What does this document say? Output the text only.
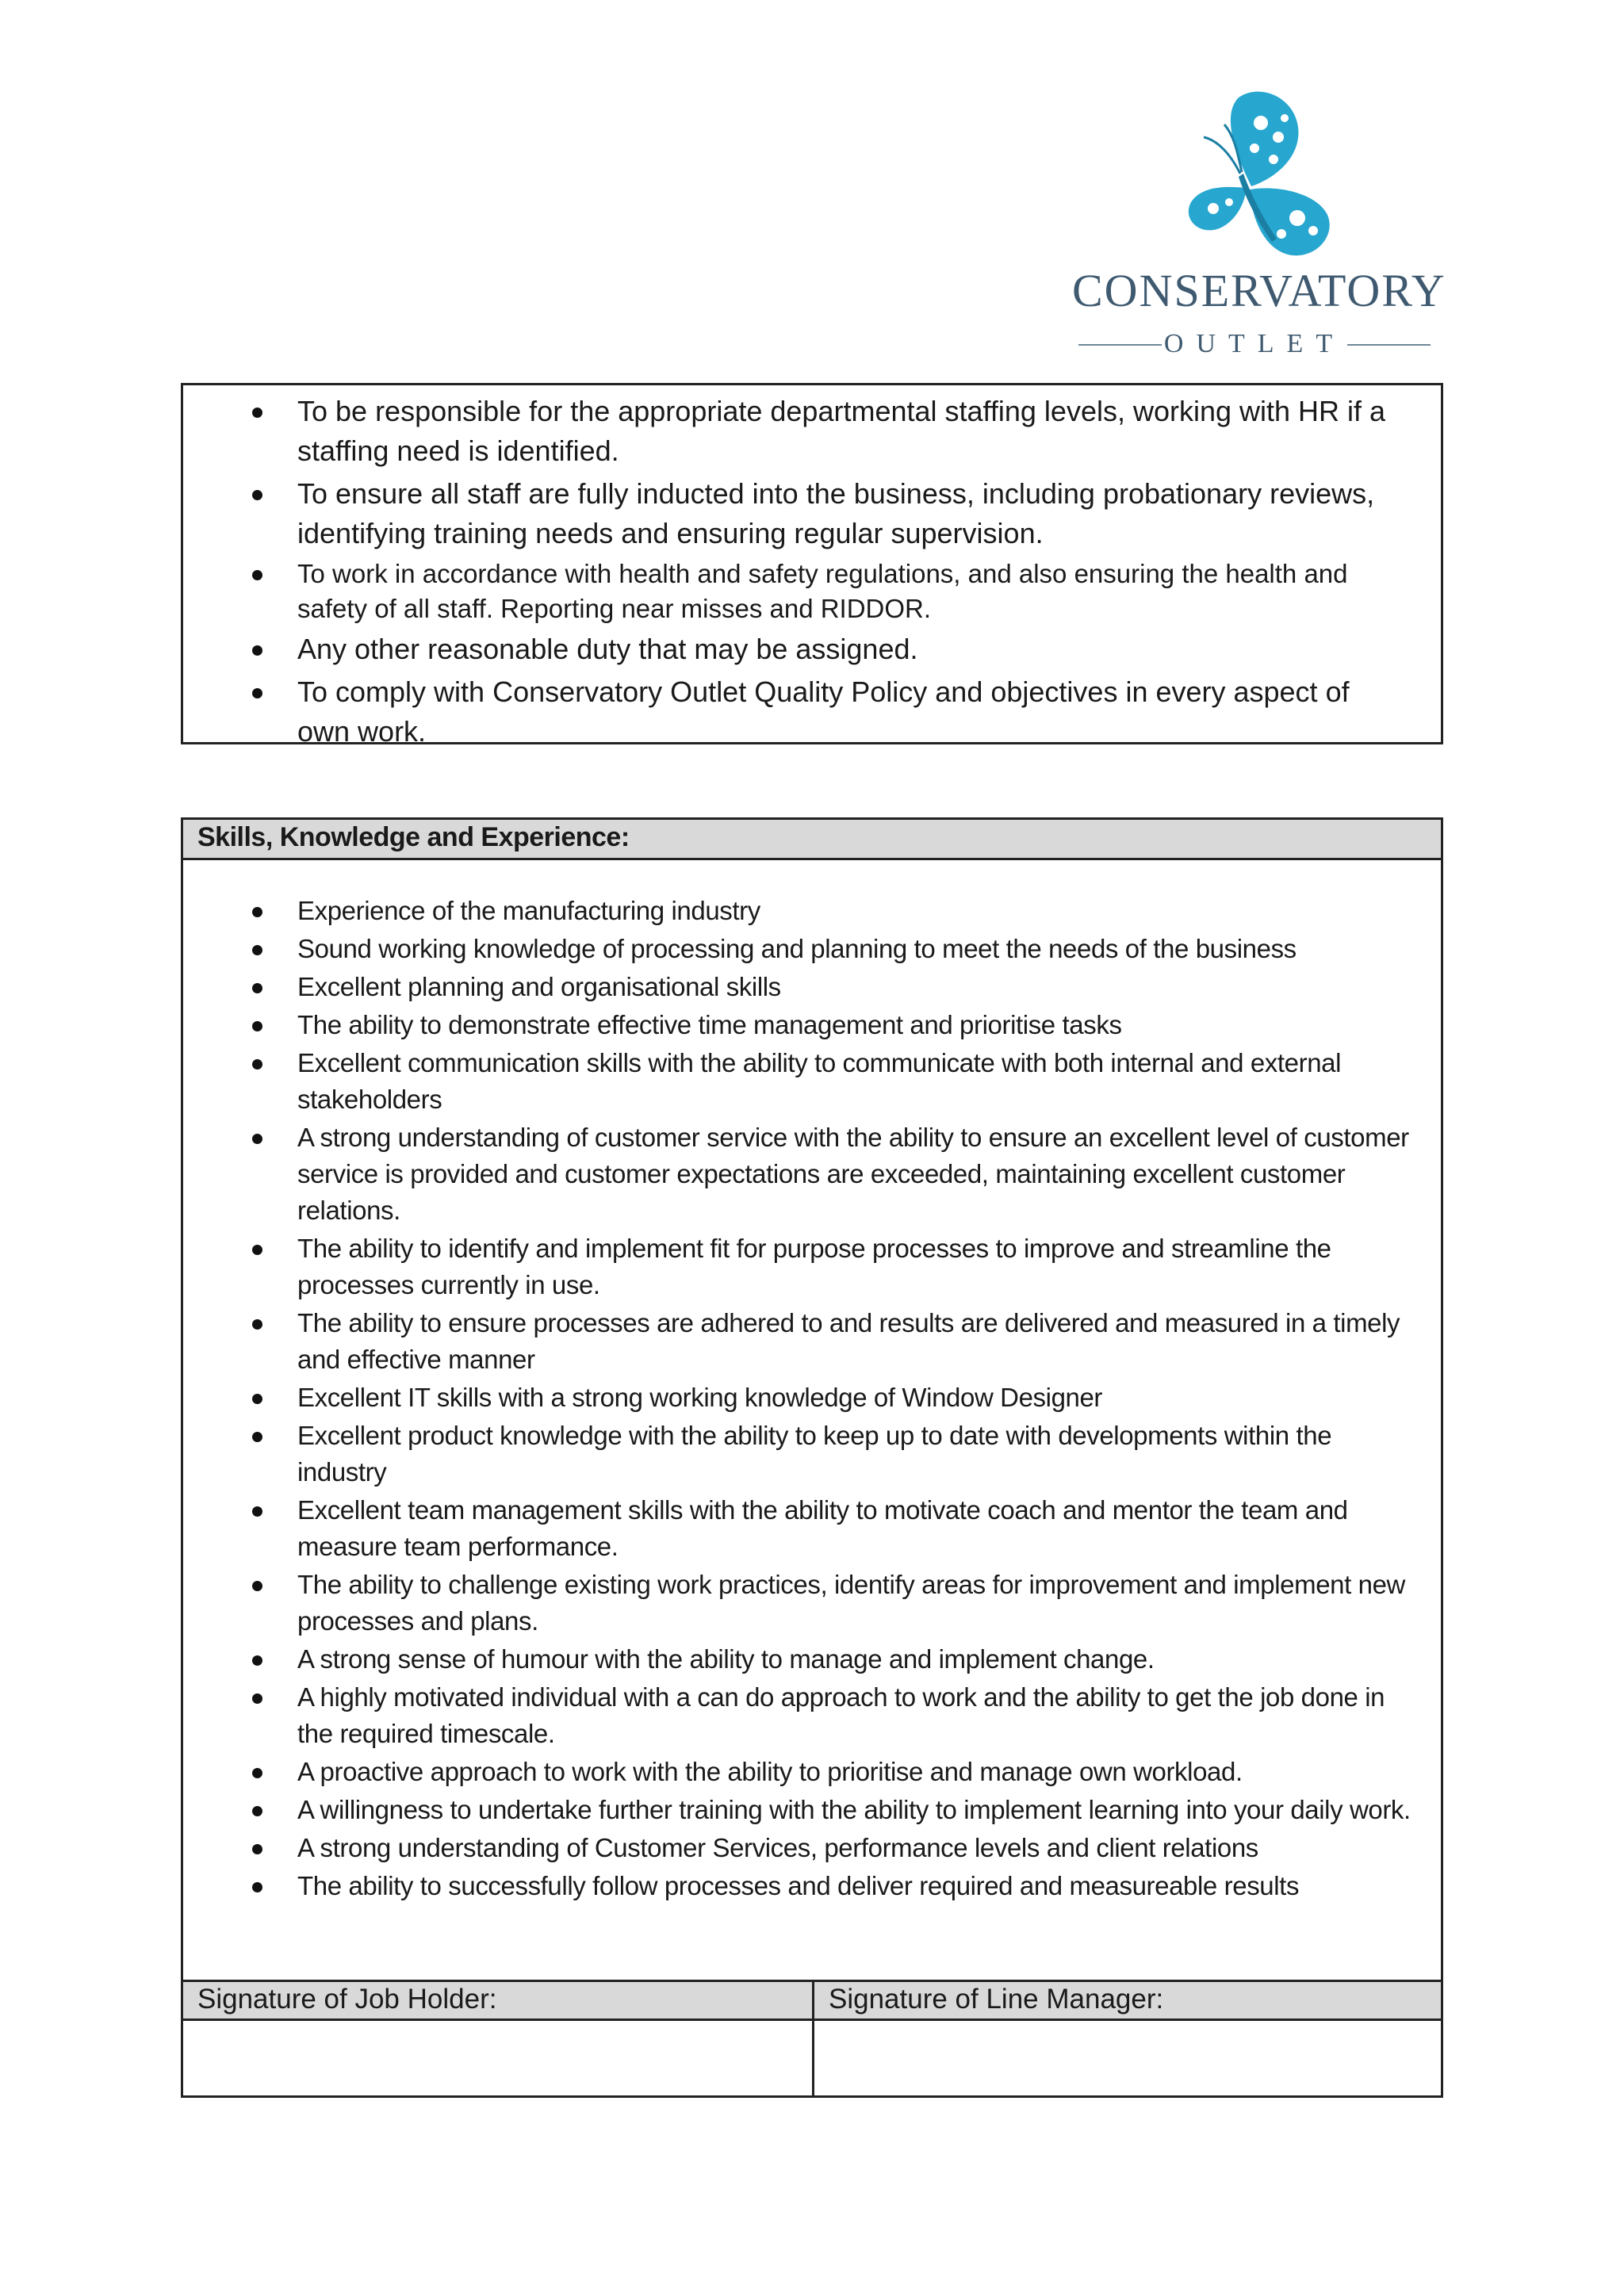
CONSERVATORY
OUTLET
To be responsible for the appropriate departmental staffing levels, working with HR if a staffing need is identified.
To ensure all staff are fully inducted into the business, including probationary reviews, identifying training needs and ensuring regular supervision.
To work in accordance with health and safety regulations, and also ensuring the health and safety of all staff. Reporting near misses and RIDDOR.
Any other reasonable duty that may be assigned.
To comply with Conservatory Outlet Quality Policy and objectives in every aspect of own work.
Skills, Knowledge and Experience:
Experience of the manufacturing industry
Sound working knowledge of processing and planning to meet the needs of the business
Excellent planning and organisational skills
The ability to demonstrate effective time management and prioritise tasks
Excellent communication skills with the ability to communicate with both internal and external stakeholders
A strong understanding of customer service with the ability to ensure an excellent level of customer service is provided and customer expectations are exceeded, maintaining excellent customer relations.
The ability to identify and implement fit for purpose processes to improve and streamline the processes currently in use.
The ability to ensure processes are adhered to and results are delivered and measured in a timely and effective manner
Excellent IT skills with a strong working knowledge of Window Designer
Excellent product knowledge with the ability to keep up to date with developments within the industry
Excellent team management skills with the ability to motivate coach and mentor the team and measure team performance.
The ability to challenge existing work practices, identify areas for improvement and implement new processes and plans.
A strong sense of humour with the ability to manage and implement change.
A highly motivated individual with a can do approach to work and the ability to get the job done in the required timescale.
A proactive approach to work with the ability to prioritise and manage own workload.
A willingness to undertake further training with the ability to implement learning into your daily work.
A strong understanding of Customer Services, performance levels and client relations
The ability to successfully follow processes and deliver required and measureable results
Signature of Job Holder:	Signature of Line Manager:
